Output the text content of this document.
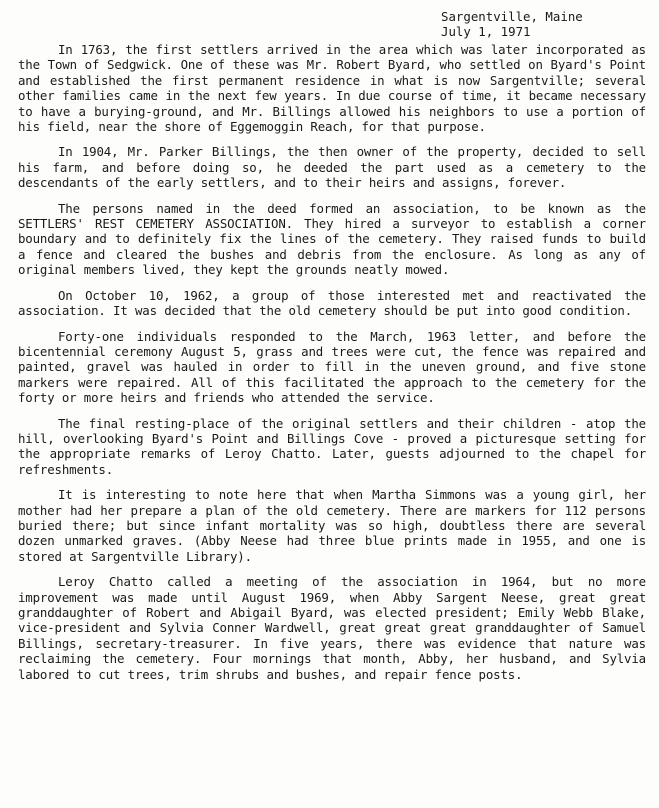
Sargentville, Maine
July 1, 1971

In 1763, the first settlers arrived in the area which was later incorporated as the Town of Sedgwick. One of these was Mr. Robert Byard, who settled on Byard's Point and established the first permanent residence in what is now Sargentville; several other families came in the next few years. In due course of time, it became necessary to have a burying-ground, and Mr. Billings allowed his neighbors to use a portion of his field, near the shore of Eggemoggin Reach, for that purpose.

In 1904, Mr. Parker Billings, the then owner of the property, decided to sell his farm, and before doing so, he deeded the part used as a cemetery to the descendants of the early settlers, and to their heirs and assigns, forever.

The persons named in the deed formed an association, to be known as the SETTLERS' REST CEMETERY ASSOCIATION. They hired a surveyor to establish a corner boundary and to definitely fix the lines of the cemetery. They raised funds to build a fence and cleared the bushes and debris from the enclosure. As long as any of original members lived, they kept the grounds neatly mowed.

On October 10, 1962, a group of those interested met and reactivated the association. It was decided that the old cemetery should be put into good condition.

Forty-one individuals responded to the March, 1963 letter, and before the bicentennial ceremony August 5, grass and trees were cut, the fence was repaired and painted, gravel was hauled in order to fill in the uneven ground, and five stone markers were repaired. All of this facilitated the approach to the cemetery for the forty or more heirs and friends who attended the service.

The final resting-place of the original settlers and their children - atop the hill, overlooking Byard's Point and Billings Cove - proved a picturesque setting for the appropriate remarks of Leroy Chatto. Later, guests adjourned to the chapel for refreshments.

It is interesting to note here that when Martha Simmons was a young girl, her mother had her prepare a plan of the old cemetery. There are markers for 112 persons buried there; but since infant mortality was so high, doubtless there are several dozen unmarked graves. (Abby Neese had three blue prints made in 1955, and one is stored at Sargentville Library).

Leroy Chatto called a meeting of the association in 1964, but no more improvement was made until August 1969, when Abby Sargent Neese, great great granddaughter of Robert and Abigail Byard, was elected president; Emily Webb Blake, vice-president and Sylvia Conner Wardwell, great great great granddaughter of Samuel Billings, secretary-treasurer. In five years, there was evidence that nature was reclaiming the cemetery. Four mornings that month, Abby, her husband, and Sylvia labored to cut trees, trim shrubs and bushes, and repair fence posts.
